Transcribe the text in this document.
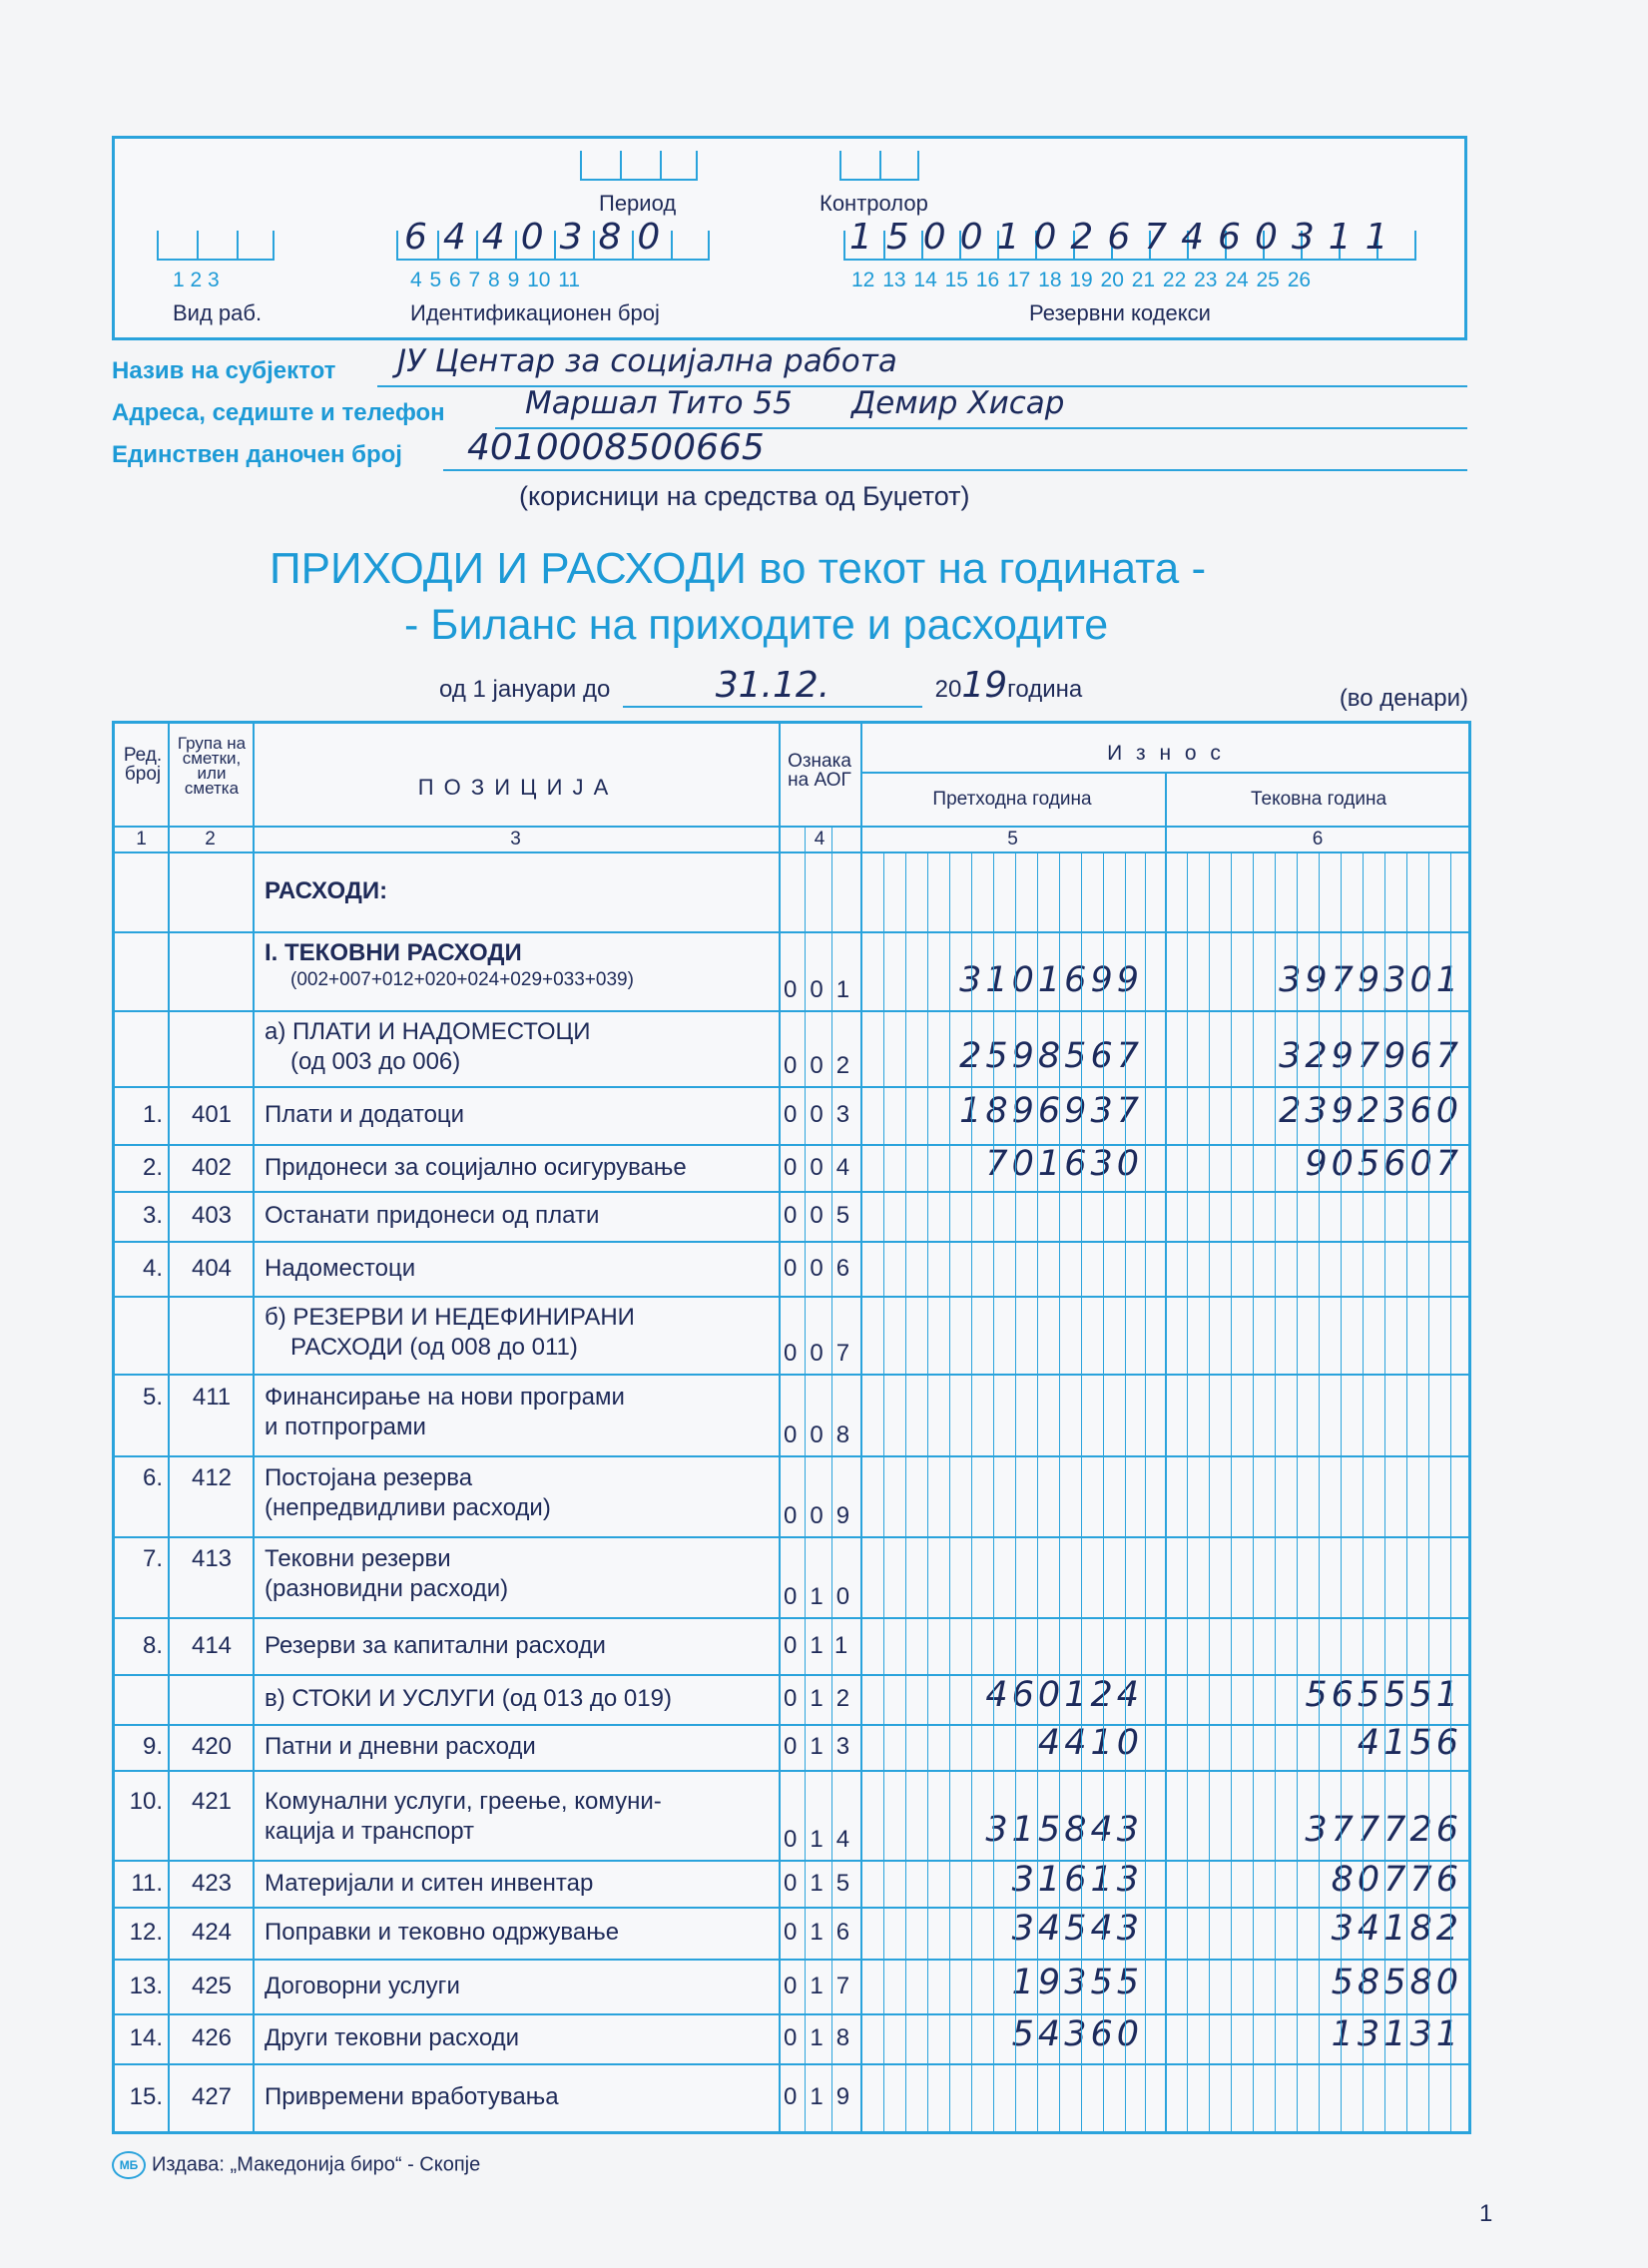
Период	Контролор
1 2 3
Вид раб.
6440380
4 5 6 7 8 9 10 11
Идентификационен број
150010267460311
12 13 14 15 16 17 18 19 20 21 22 23 24 25 26
Резервни кодекси
Назив на субјектот ЈУ Центар за социјална работа
Адреса, седиште и телефон	Маршал Тито 55      Демир Хисар
Единствен даночен број 4010008500665
(корисници на средства од Буџетот)
ПРИХОДИ И РАСХОДИ во текот на годината -
- Биланс на приходите и расходите
од 1 јануари до	31.12.	2019година	(во денари)
Ред. број
Група на сметки, или сметка	П О З И Ц И Ј А
Ознака на АОГ
И з н о с
Претходна година	Тековна година
1	2	3	4	5	6
РАСХОДИ:
I. ТЕКОВНИ РАСХОДИ
(002+007+012+020+024+029+033+039)	001	3101699	3979301
а) ПЛАТИ И НАДОМЕСТОЦИ
(од 003 до 006)	002	2598567	3297967
1.	401	Плати и додатоци	003	1896937	2392360
2.	402	Придонеси за социјално осигурување	004	701630	905607
3.	403	Останати придонеси од плати	005
4.	404	Надоместоци	006
б) РЕЗЕРВИ И НЕДЕФИНИРАНИ
РАСХОДИ (од 008 до 011)	007
5.	411	Финансирање на нови програми
и потпрограми	008
6.	412	Постојана резерва
(непредвидливи расходи)	009
7.	413	Тековни резерви
(разновидни расходи)	010
8.	414	Резерви за капитални расходи	011
в) СТОКИ И УСЛУГИ (од 013 до 019)	012	460124	565551
9.	420	Патни и дневни расходи	013	4410	4156
10.	421	Комунални услуги, греење, комуни-
кација и транспорт	014	315843	377726
11.	423	Материјали и ситен инвентар	015	31613	80776
12.	424	Поправки и тековно одржување	016	34543	34182
13.	425	Договорни услуги	017	19355	58580
14.	426	Други тековни расходи	018	54360	13131
15.	427	Привремени вработувања	019
МБ Издава: „Македонија биро“ - Скопје
1
